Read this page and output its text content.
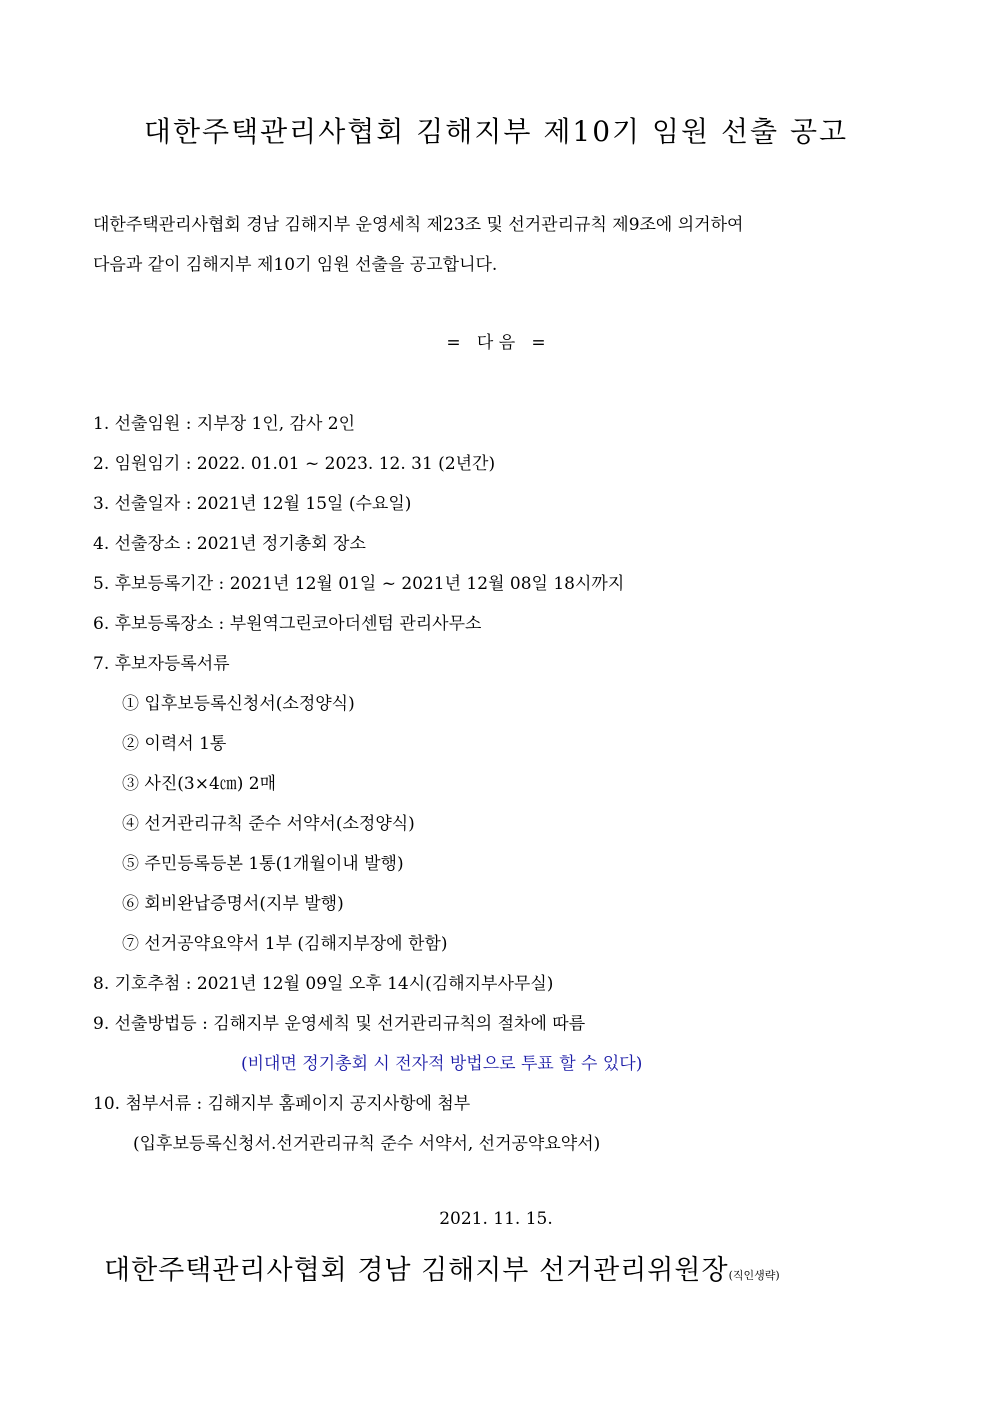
대한주택관리사협회 김해지부 제10기 임원 선출 공고
대한주택관리사협회 경남 김해지부 운영세칙 제23조 및 선거관리규칙 제9조에 의거하여
다음과 같이 김해지부 제10기 임원 선출을 공고합니다.
=   다 음   =
1. 선출임원 : 지부장 1인, 감사 2인
2. 임원임기 : 2022. 01.01 ~ 2023. 12. 31 (2년간)
3. 선출일자 : 2021년 12월 15일 (수요일)
4. 선출장소 : 2021년 정기총회 장소
5. 후보등록기간 : 2021년 12월 01일 ~ 2021년 12월 08일 18시까지
6. 후보등록장소 : 부원역그린코아더센텀 관리사무소
7. 후보자등록서류
① 입후보등록신청서(소정양식)
② 이력서 1통
③ 사진(3×4㎝) 2매
④ 선거관리규칙 준수 서약서(소정양식)
⑤ 주민등록등본 1통(1개월이내 발행)
⑥ 회비완납증명서(지부 발행)
⑦ 선거공약요약서 1부 (김해지부장에 한함)
8. 기호추첨 : 2021년 12월 09일 오후 14시(김해지부사무실)
9. 선출방법등 : 김해지부 운영세칙 및 선거관리규칙의 절차에 따름
(비대면 정기총회 시 전자적 방법으로 투표 할 수 있다)
10. 첨부서류 : 김해지부 홈페이지 공지사항에 첨부
(입후보등록신청서.선거관리규칙 준수 서약서, 선거공약요약서)
2021. 11. 15.
대한주택관리사협회 경남 김해지부 선거관리위원장(직인생략)
